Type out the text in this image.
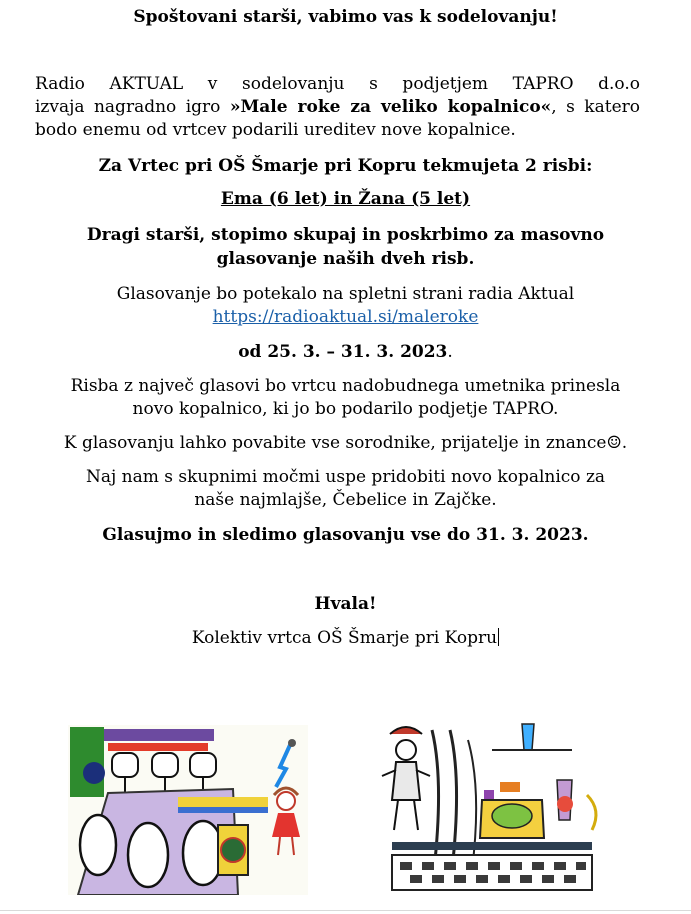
Spoštovani starši, vabimo vas k sodelovanju!

Radio AKTUAL v sodelovanju s podjetjem TAPRO d.o.o

izvaja nagradno igro »Male roke za veliko kopalnico«, s katero

bodo enemu od vrtcev podarili ureditev nove kopalnice.

Za Vrtec pri OŠ Šmarje pri Kopru tekmujeta 2 risbi:

Ema (6 let) in Žana (5 let)

Dragi starši, stopimo skupaj in poskrbimo za masovno

glasovanje naših dveh risb.

Glasovanje bo potekalo na spletni strani radia Aktual

https://radioaktual.si/maleroke

od 25. 3. – 31. 3. 2023.

Risba z največ glasovi bo vrtcu nadobudnega umetnika prinesla

novo kopalnico, ki jo bo podarilo podjetje TAPRO.

K glasovanju lahko povabite vse sorodnike, prijatelje in znance☺.

Naj nam s skupnimi močmi uspe pridobiti novo kopalnico za

naše najmlajše, Čebelice in Zajčke.

Glasujmo in sledimo glasovanju vse do 31. 3. 2023.

Hvala!

Kolektiv vrtca OŠ Šmarje pri Kopru
